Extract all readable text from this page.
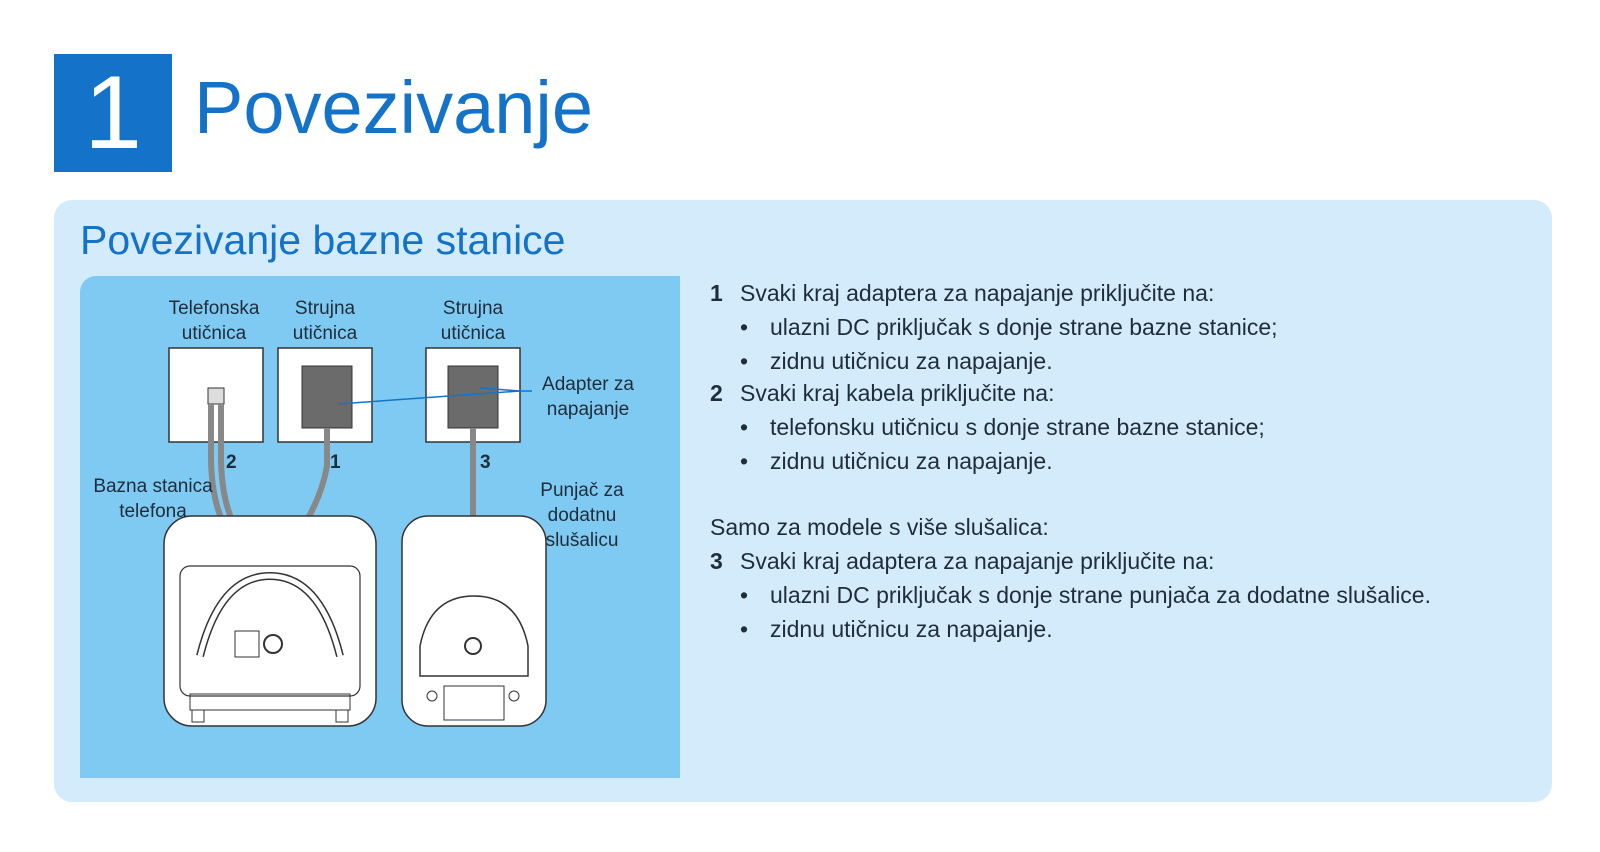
1 Povezivanje
Povezivanje bazne stanice
Telefonska
utičnica
Strujna
utičnica
Strujna
utičnica
Adapter za
napajanje
Bazna stanica
telefona
Punjač za
dodatnu
slušalicu
2	1	3
1 Svaki kraj adaptera za napajanje priključite na:
• ulazni DC priključak s donje strane bazne stanice;
• zidnu utičnicu za napajanje.
2 Svaki kraj kabela priključite na:
• telefonsku utičnicu s donje strane bazne stanice;
• zidnu utičnicu za napajanje.
Samo za modele s više slušalica:
3 Svaki kraj adaptera za napajanje priključite na:
• ulazni DC priključak s donje strane punjača za dodatne slušalice.
• zidnu utičnicu za napajanje.
